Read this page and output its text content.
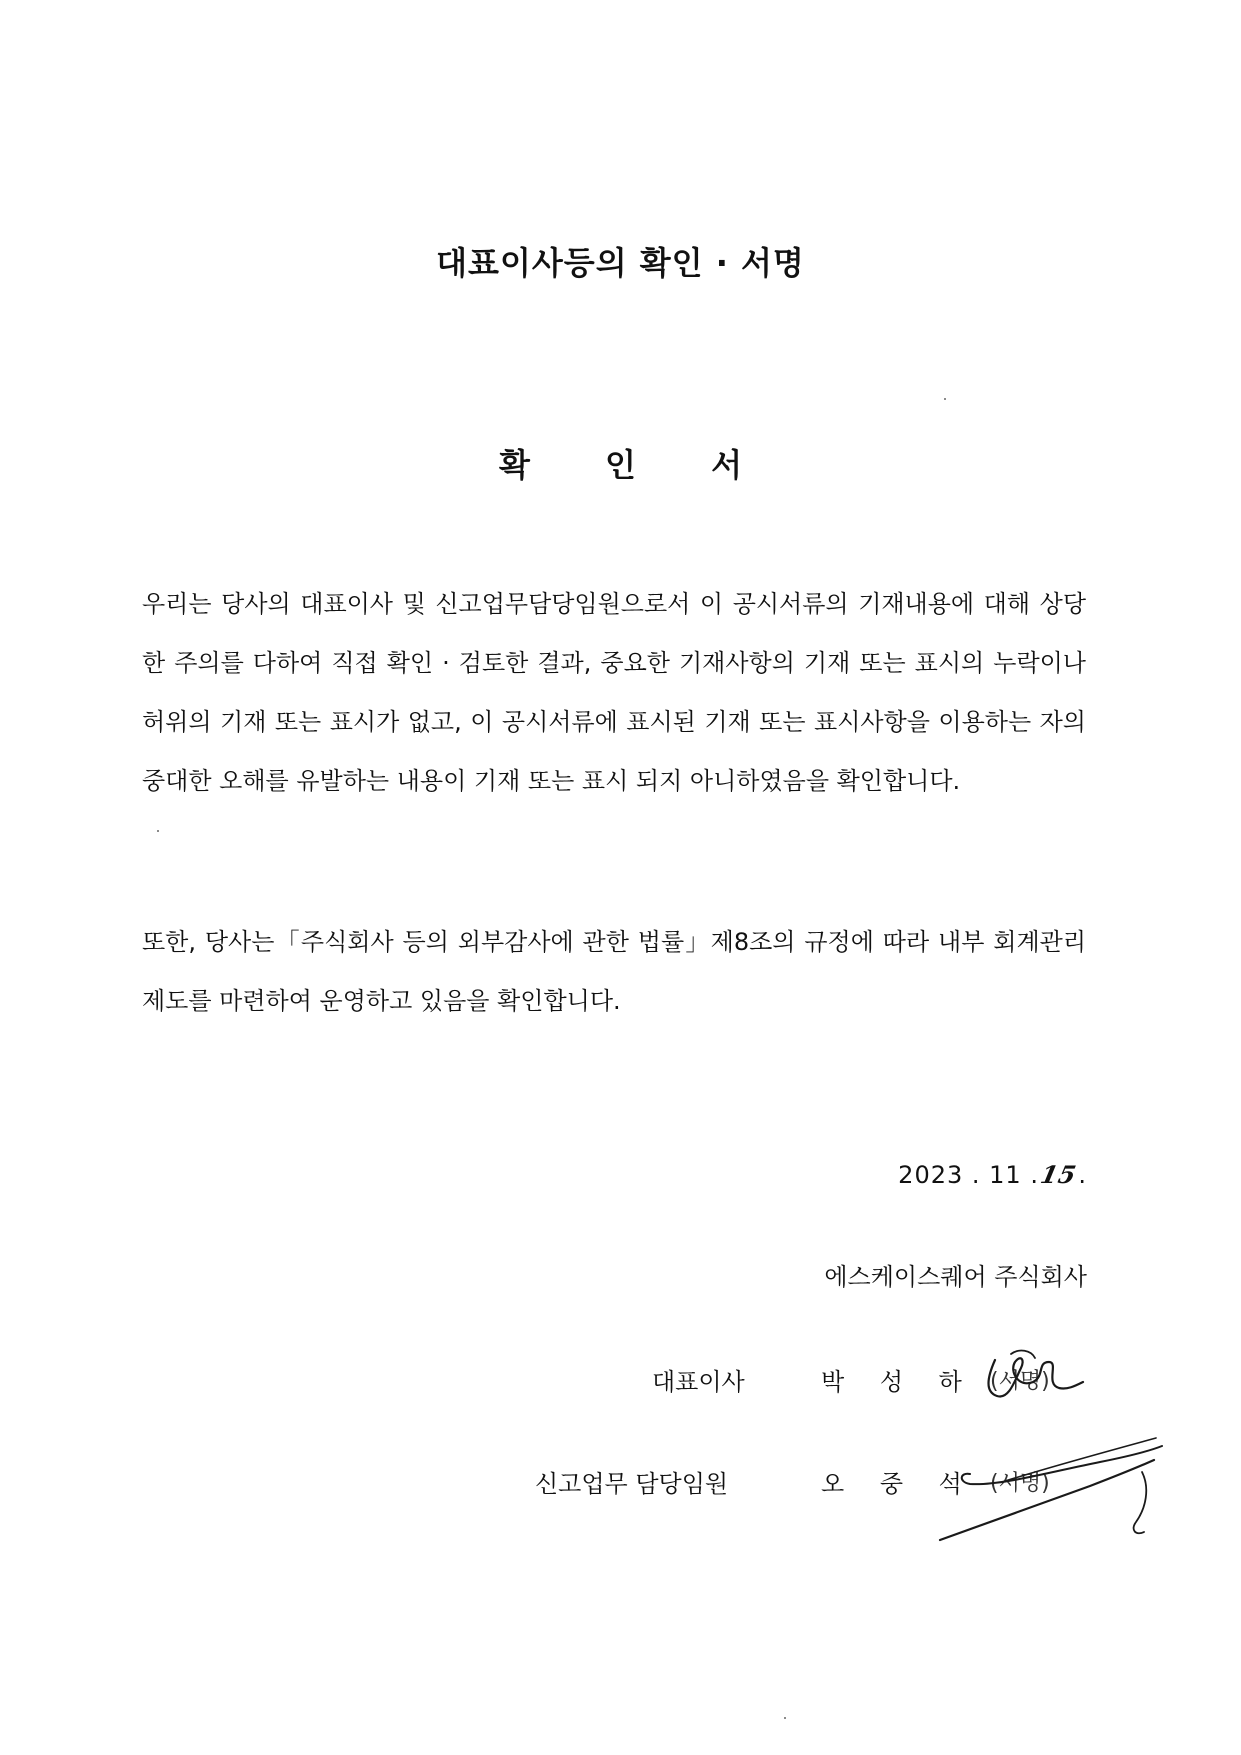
대표이사등의 확인 · 서명
확 인 서

우리는 당사의 대표이사 및 신고업무담당임원으로서 이 공시서류의 기재내용에 대해 상당한 주의를 다하여 직접 확인 · 검토한 결과, 중요한 기재사항의 기재 또는 표시의 누락이나 허위의 기재 또는 표시가 없고, 이 공시서류에 표시된 기재 또는 표시사항을 이용하는 자의 중대한 오해를 유발하는 내용이 기재 또는 표시 되지 아니하였음을 확인합니다.

또한, 당사는「주식회사 등의 외부감사에 관한 법률」제8조의 규정에 따라 내부 회계관리제도를 마련하여 운영하고 있음을 확인합니다.

2023 . 11 .15.
에스케이스퀘어 주식회사
대표이사	박 성 하 (서명)
신고업무 담당임원	오 중 석 (서명)
